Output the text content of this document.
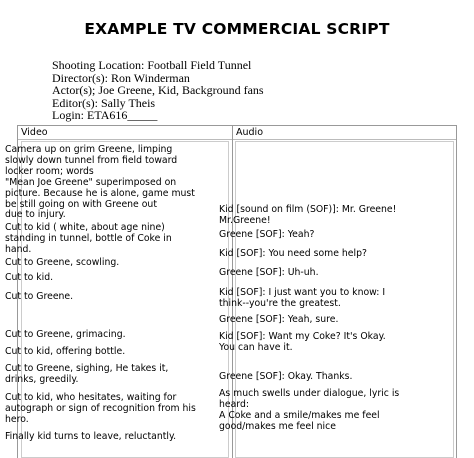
EXAMPLE TV COMMERCIAL SCRIPT
Shooting Location: Football Field Tunnel
Director(s): Ron Winderman
Actor(s); Joe Greene, Kid, Background fans
Editor(s): Sally Theis
Login: ETA616_____
Video	Audio
Camera up on grim Greene, limping
slowly down tunnel from field toward
locker room; words
"Mean Joe Greene" superimposed on
picture. Because he is alone, game must
be still going on with Greene out
due to injury.
Cut to kid ( white, about age nine)
standing in tunnel, bottle of Coke in
hand.
Cut to Greene, scowling.
Cut to kid.
Cut to Greene.
Cut to Greene, grimacing.
Cut to kid, offering bottle.
Cut to Greene, sighing, He takes it,
drinks, greedily.
Cut to kid, who hesitates, waiting for
autograph or sign of recognition from his
hero.
Finally kid turns to leave, reluctantly.
Kid [sound on film (SOF)]: Mr. Greene!
Mr.Greene!
Greene [SOF]: Yeah?
Kid [SOF]: You need some help?
Greene [SOF]: Uh-uh.
Kid [SOF]: I just want you to know: I
think--you're the greatest.
Greene [SOF]: Yeah, sure.
Kid [SOF]: Want my Coke? It's Okay.
You can have it.
Greene [SOF]: Okay. Thanks.
As much swells under dialogue, lyric is
heard:
A Coke and a smile/makes me feel
good/makes me feel nice
